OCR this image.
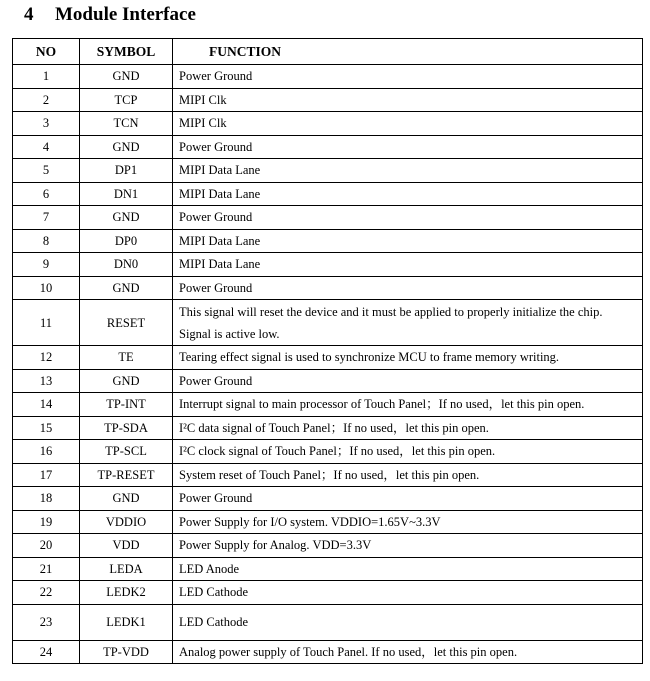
4 Module Interface
NO	SYMBOL	FUNCTION
1	GND	Power Ground
2	TCP	MIPI Clk
3	TCN	MIPI Clk
4	GND	Power Ground
5	DP1	MIPI Data Lane
6	DN1	MIPI Data Lane
7	GND	Power Ground
8	DP0	MIPI Data Lane
9	DN0	MIPI Data Lane
10	GND	Power Ground
11	RESET	This signal will reset the device and it must be applied to properly initialize the chip. Signal is active low.
12	TE	Tearing effect signal is used to synchronize MCU to frame memory writing.
13	GND	Power Ground
14	TP-INT	Interrupt signal to main processor of Touch Panel；If no used，let this pin open.
15	TP-SDA	I²C data signal of Touch Panel；If no used，let this pin open.
16	TP-SCL	I²C clock signal of Touch Panel；If no used，let this pin open.
17	TP-RESET	System reset of Touch Panel；If no used，let this pin open.
18	GND	Power Ground
19	VDDIO	Power Supply for I/O system. VDDIO=1.65V~3.3V
20	VDD	Power Supply for Analog. VDD=3.3V
21	LEDA	LED Anode
22	LEDK2	LED Cathode
23	LEDK1	LED Cathode
24	TP-VDD	Analog power supply of Touch Panel. If no used，let this pin open.
